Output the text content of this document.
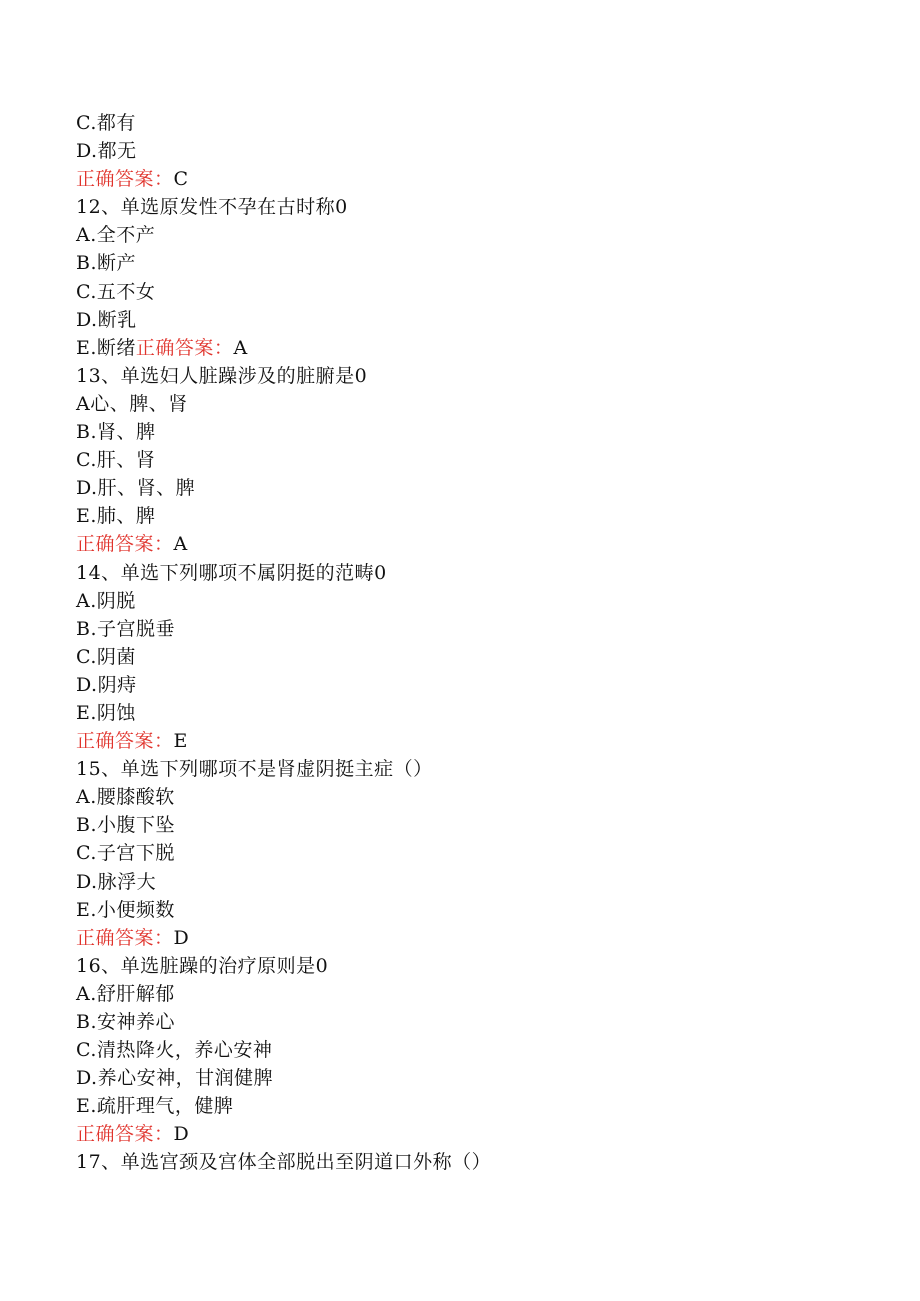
C.都有
D.都无
正确答案：C
12、单选原发性不孕在古时称0
A.全不产
B.断产
C.五不女
D.断乳
E.断绪正确答案：A
13、单选妇人脏躁涉及的脏腑是0
A心、脾、肾
B.肾、脾
C.肝、肾
D.肝、肾、脾
E.肺、脾
正确答案：A
14、单选下列哪项不属阴挺的范畴0
A.阴脱
B.子宫脱垂
C.阴菌
D.阴痔
E.阴蚀
正确答案：E
15、单选下列哪项不是肾虚阴挺主症（）
A.腰膝酸软
B.小腹下坠
C.子宫下脱
D.脉浮大
E.小便频数
正确答案：D
16、单选脏躁的治疗原则是0
A.舒肝解郁
B.安神养心
C.清热降火，养心安神
D.养心安神，甘润健脾
E.疏肝理气，健脾
正确答案：D
17、单选宫颈及宫体全部脱出至阴道口外称（）
